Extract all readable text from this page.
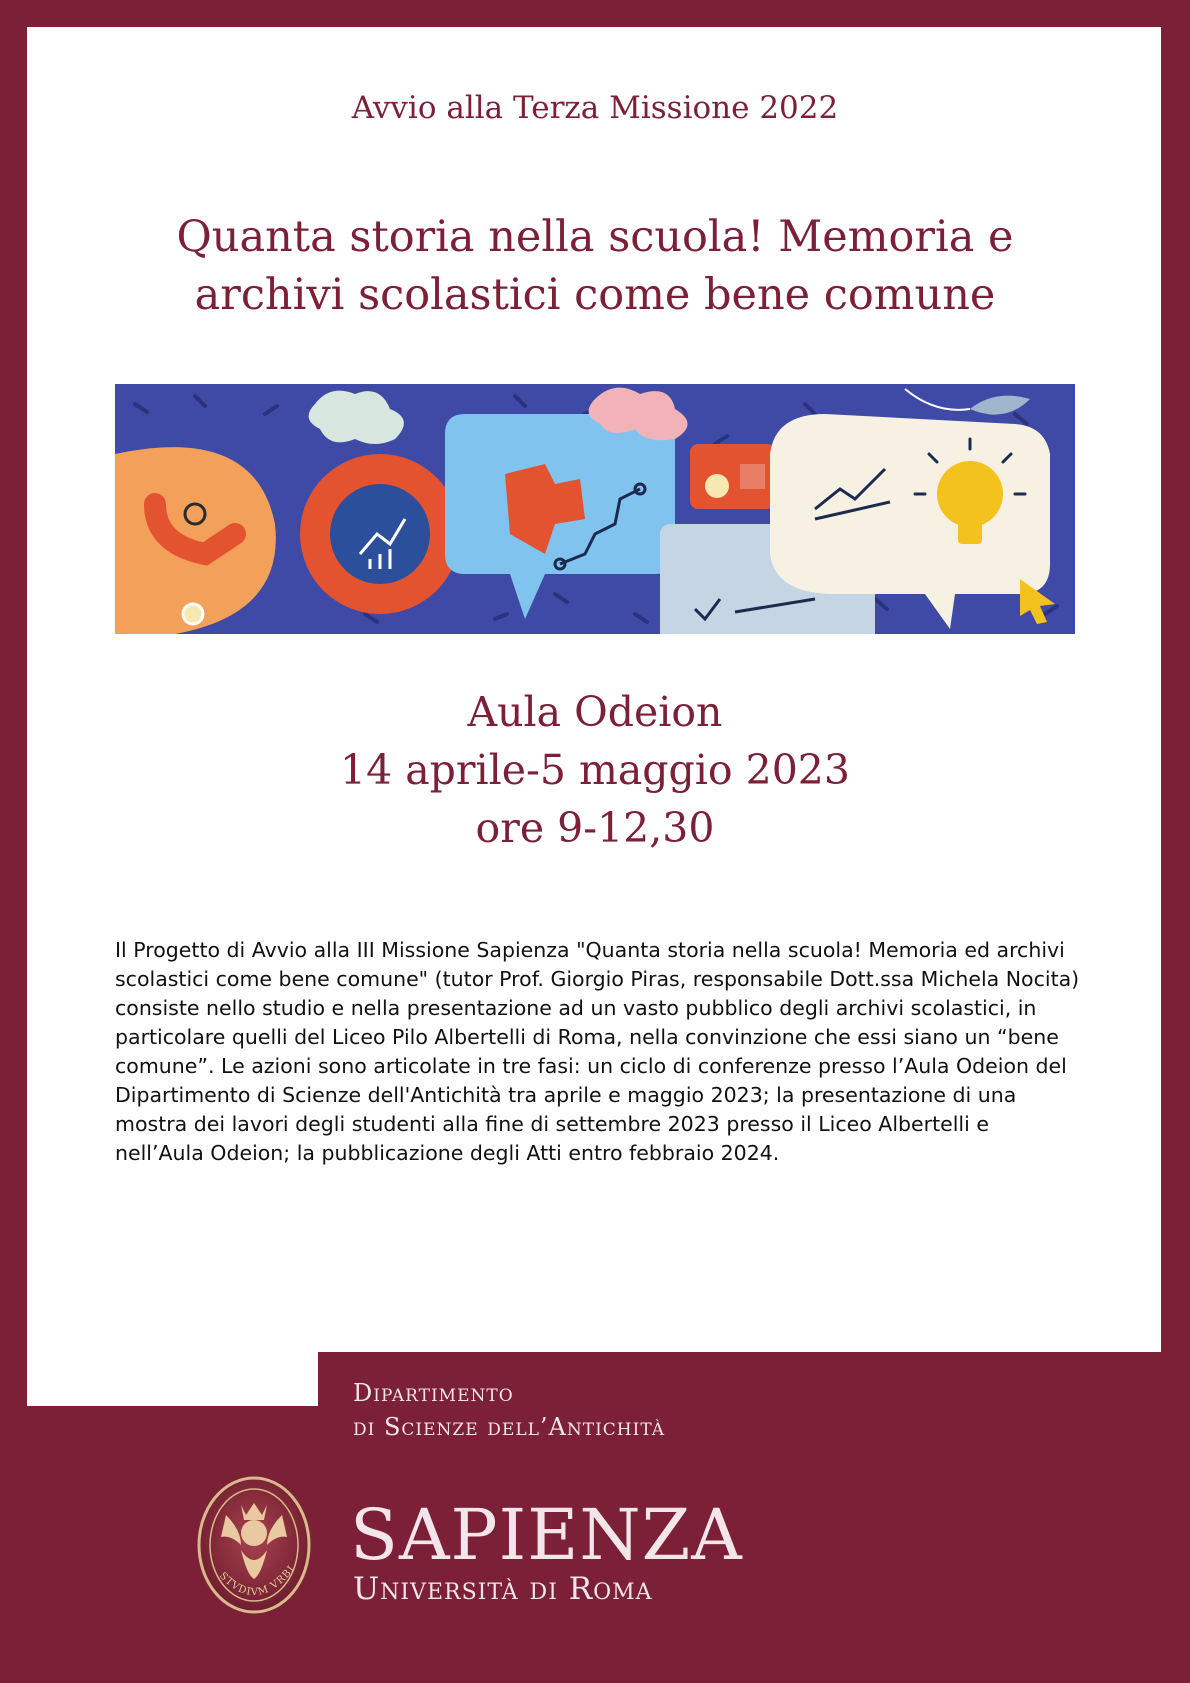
Avvio alla Terza Missione 2022
Quanta storia nella scuola! Memoria e
archivi scolastici come bene comune
Aula Odeion
14 aprile-5 maggio 2023
ore 9-12,30
Il Progetto di Avvio alla III Missione Sapienza "Quanta storia nella scuola! Memoria ed archivi scolastici come bene comune" (tutor Prof. Giorgio Piras, responsabile Dott.ssa Michela Nocita) consiste nello studio e nella presentazione ad un vasto pubblico degli archivi scolastici, in particolare quelli del Liceo Pilo Albertelli di Roma, nella convinzione che essi siano un “bene comune”. Le azioni sono articolate in tre fasi: un ciclo di conferenze presso l’Aula Odeion del Dipartimento di Scienze dell'Antichità tra aprile e maggio 2023; la presentazione di una mostra dei lavori degli studenti alla fine di settembre 2023 presso il Liceo Albertelli e nell’Aula Odeion; la pubblicazione degli Atti entro febbraio 2024.
Dipartimento
di Scienze dell’Antichità
STVDIVM VRBI SAPIENZA
Università di Roma
